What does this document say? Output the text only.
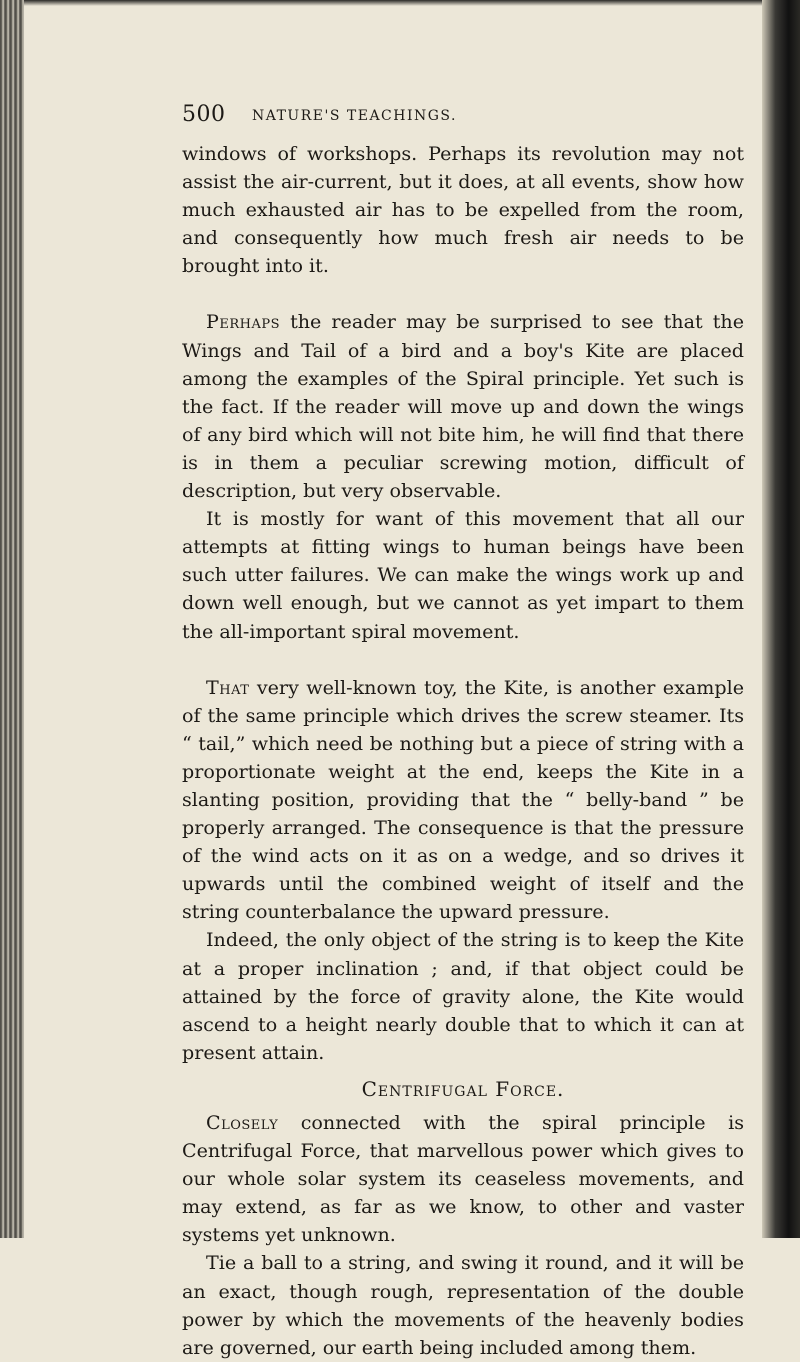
500 NATURE'S TEACHINGS.

windows of workshops. Perhaps its revolution may not assist the air-current, but it does, at all events, show how much exhausted air has to be expelled from the room, and consequently how much fresh air needs to be brought into it.

Perhaps the reader may be surprised to see that the Wings and Tail of a bird and a boy's Kite are placed among the examples of the Spiral principle. Yet such is the fact. If the reader will move up and down the wings of any bird which will not bite him, he will find that there is in them a peculiar screwing motion, difficult of description, but very observable.

It is mostly for want of this movement that all our attempts at fitting wings to human beings have been such utter failures. We can make the wings work up and down well enough, but we cannot as yet impart to them the all-important spiral movement.

That very well-known toy, the Kite, is another example of the same principle which drives the screw steamer. Its “ tail,” which need be nothing but a piece of string with a proportionate weight at the end, keeps the Kite in a slanting position, providing that the “ belly-band ” be properly arranged. The consequence is that the pressure of the wind acts on it as on a wedge, and so drives it upwards until the combined weight of itself and the string counterbalance the upward pressure.

Indeed, the only object of the string is to keep the Kite at a proper inclination ; and, if that object could be attained by the force of gravity alone, the Kite would ascend to a height nearly double that to which it can at present attain.

Centrifugal Force.

Closely connected with the spiral principle is Centrifugal Force, that marvellous power which gives to our whole solar system its ceaseless movements, and may extend, as far as we know, to other and vaster systems yet unknown.

Tie a ball to a string, and swing it round, and it will be an exact, though rough, representation of the double power by which the movements of the heavenly bodies are governed, our earth being included among them.
